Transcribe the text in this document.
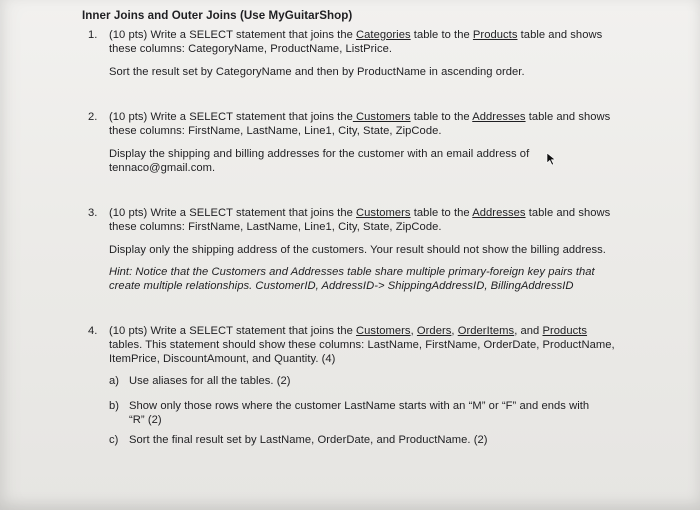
Inner Joins and Outer Joins (Use MyGuitarShop)
1. (10 pts) Write a SELECT statement that joins the Categories table to the Products table and shows
these columns: CategoryName, ProductName, ListPrice.
Sort the result set by CategoryName and then by ProductName in ascending order.
2. (10 pts) Write a SELECT statement that joins the Customers table to the Addresses table and shows
these columns: FirstName, LastName, Line1, City, State, ZipCode.
Display the shipping and billing addresses for the customer with an email address of
tennaco@gmail.com.
3. (10 pts) Write a SELECT statement that joins the Customers table to the Addresses table and shows
these columns: FirstName, LastName, Line1, City, State, ZipCode.
Display only the shipping address of the customers. Your result should not show the billing address.
Hint: Notice that the Customers and Addresses table share multiple primary-foreign key pairs that
create multiple relationships. CustomerID, AddressID-> ShippingAddressID, BillingAddressID
4. (10 pts) Write a SELECT statement that joins the Customers, Orders, OrderItems, and Products
tables. This statement should show these columns: LastName, FirstName, OrderDate, ProductName,
ItemPrice, DiscountAmount, and Quantity. (4)
a) Use aliases for all the tables. (2)
b) Show only those rows where the customer LastName starts with an “M” or “F” and ends with
“R” (2)
c) Sort the final result set by LastName, OrderDate, and ProductName. (2)
